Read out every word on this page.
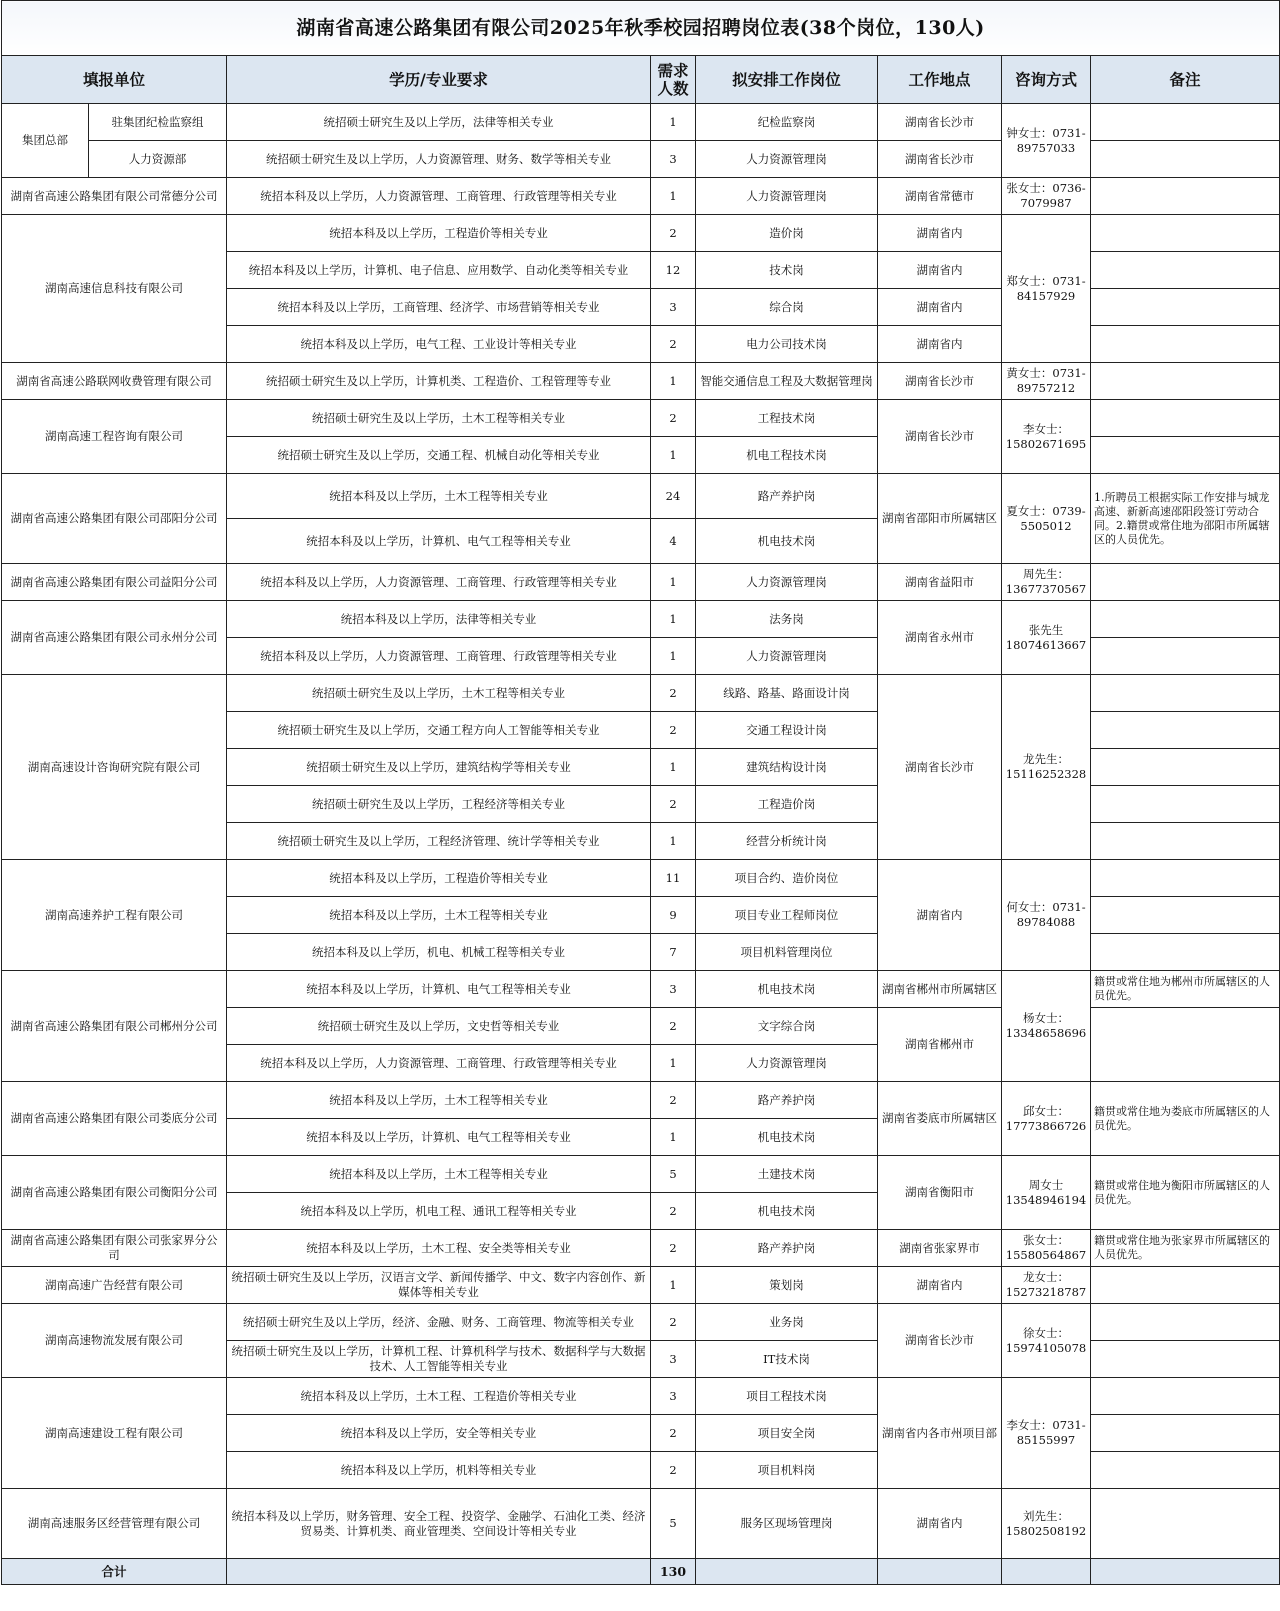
湖南省高速公路集团有限公司2025年秋季校园招聘岗位表(38个岗位，130人)							
填报单位		学历/专业要求	需求人数	拟安排工作岗位	工作地点	咨询方式	备注
集团总部	驻集团纪检监察组	统招硕士研究生及以上学历，法律等相关专业	1	纪检监察岗	湖南省长沙市	钟女士：0731-89757033	
	人力资源部	统招硕士研究生及以上学历，人力资源管理、财务、数学等相关专业	3	人力资源管理岗	湖南省长沙市		
湖南省高速公路集团有限公司常德分公司		统招本科及以上学历，人力资源管理、工商管理、行政管理等相关专业	1	人力资源管理岗	湖南省常德市	张女士：0736-7079987	
湖南高速信息科技有限公司		统招本科及以上学历，工程造价等相关专业	2	造价岗	湖南省内	郑女士：0731-84157929	
		统招本科及以上学历，计算机、电子信息、应用数学、自动化类等相关专业	12	技术岗	湖南省内		
		统招本科及以上学历，工商管理、经济学、市场营销等相关专业	3	综合岗	湖南省内		
		统招本科及以上学历，电气工程、工业设计等相关专业	2	电力公司技术岗	湖南省内		
湖南省高速公路联网收费管理有限公司		统招硕士研究生及以上学历，计算机类、工程造价、工程管理等专业	1	智能交通信息工程及大数据管理岗	湖南省长沙市	黄女士：0731-89757212	
湖南高速工程咨询有限公司		统招硕士研究生及以上学历，土木工程等相关专业	2	工程技术岗	湖南省长沙市	李女士：15802671695	
		统招硕士研究生及以上学历，交通工程、机械自动化等相关专业	1	机电工程技术岗			
湖南省高速公路集团有限公司邵阳分公司		统招本科及以上学历，土木工程等相关专业	24	路产养护岗	湖南省邵阳市所属辖区	夏女士：0739-5505012	1.所聘员工根据实际工作安排与城龙高速、新新高速邵阳段签订劳动合同。2.籍贯或常住地为邵阳市所属辖区的人员优先。
		统招本科及以上学历，计算机、电气工程等相关专业	4	机电技术岗			
湖南省高速公路集团有限公司益阳分公司		统招本科及以上学历，人力资源管理、工商管理、行政管理等相关专业	1	人力资源管理岗	湖南省益阳市	周先生：13677370567	
湖南省高速公路集团有限公司永州分公司		统招本科及以上学历，法律等相关专业	1	法务岗	湖南省永州市	张先生 18074613667	
		统招本科及以上学历，人力资源管理、工商管理、行政管理等相关专业	1	人力资源管理岗			
湖南高速设计咨询研究院有限公司		统招硕士研究生及以上学历，土木工程等相关专业	2	线路、路基、路面设计岗	湖南省长沙市	龙先生：15116252328	
		统招硕士研究生及以上学历，交通工程方向人工智能等相关专业	2	交通工程设计岗			
		统招硕士研究生及以上学历，建筑结构学等相关专业	1	建筑结构设计岗			
		统招硕士研究生及以上学历，工程经济等相关专业	2	工程造价岗			
		统招硕士研究生及以上学历，工程经济管理、统计学等相关专业	1	经营分析统计岗			
湖南高速养护工程有限公司		统招本科及以上学历，工程造价等相关专业	11	项目合约、造价岗位	湖南省内	何女士：0731-89784088	
		统招本科及以上学历，土木工程等相关专业	9	项目专业工程师岗位			
		统招本科及以上学历，机电、机械工程等相关专业	7	项目机料管理岗位			
湖南省高速公路集团有限公司郴州分公司		统招本科及以上学历，计算机、电气工程等相关专业	3	机电技术岗	湖南省郴州市所属辖区	杨女士：13348658696	籍贯或常住地为郴州市所属辖区的人员优先。
		统招硕士研究生及以上学历，文史哲等相关专业	2	文字综合岗	湖南省郴州市		
		统招本科及以上学历，人力资源管理、工商管理、行政管理等相关专业	1	人力资源管理岗			
湖南省高速公路集团有限公司娄底分公司		统招本科及以上学历，土木工程等相关专业	2	路产养护岗	湖南省娄底市所属辖区	邱女士：17773866726	籍贯或常住地为娄底市所属辖区的人员优先。
		统招本科及以上学历，计算机、电气工程等相关专业	1	机电技术岗			
湖南省高速公路集团有限公司衡阳分公司		统招本科及以上学历，土木工程等相关专业	5	土建技术岗	湖南省衡阳市	周女士 13548946194	籍贯或常住地为衡阳市所属辖区的人员优先。
		统招本科及以上学历，机电工程、通讯工程等相关专业	2	机电技术岗			
湖南省高速公路集团有限公司张家界分公司		统招本科及以上学历，土木工程、安全类等相关专业	2	路产养护岗	湖南省张家界市	张女士：15580564867	籍贯或常住地为张家界市所属辖区的人员优先。
湖南高速广告经营有限公司		统招硕士研究生及以上学历，汉语言文学、新闻传播学、中文、数字内容创作、新媒体等相关专业	1	策划岗	湖南省内	龙女士：15273218787	
湖南高速物流发展有限公司		统招硕士研究生及以上学历，经济、金融、财务、工商管理、物流等相关专业	2	业务岗	湖南省长沙市	徐女士：15974105078	
		统招硕士研究生及以上学历，计算机工程、计算机科学与技术、数据科学与大数据技术、人工智能等相关专业	3	IT技术岗			
湖南高速建设工程有限公司		统招本科及以上学历，土木工程、工程造价等相关专业	3	项目工程技术岗	湖南省内各市州项目部	李女士：0731-85155997	
		统招本科及以上学历，安全等相关专业	2	项目安全岗			
		统招本科及以上学历，机料等相关专业	2	项目机料岗			
湖南高速服务区经营管理有限公司		统招本科及以上学历，财务管理、安全工程、投资学、金融学、石油化工类、经济贸易类、计算机类、商业管理类、空间设计等相关专业	5	服务区现场管理岗	湖南省内	刘先生：15802508192	
合计			130				
